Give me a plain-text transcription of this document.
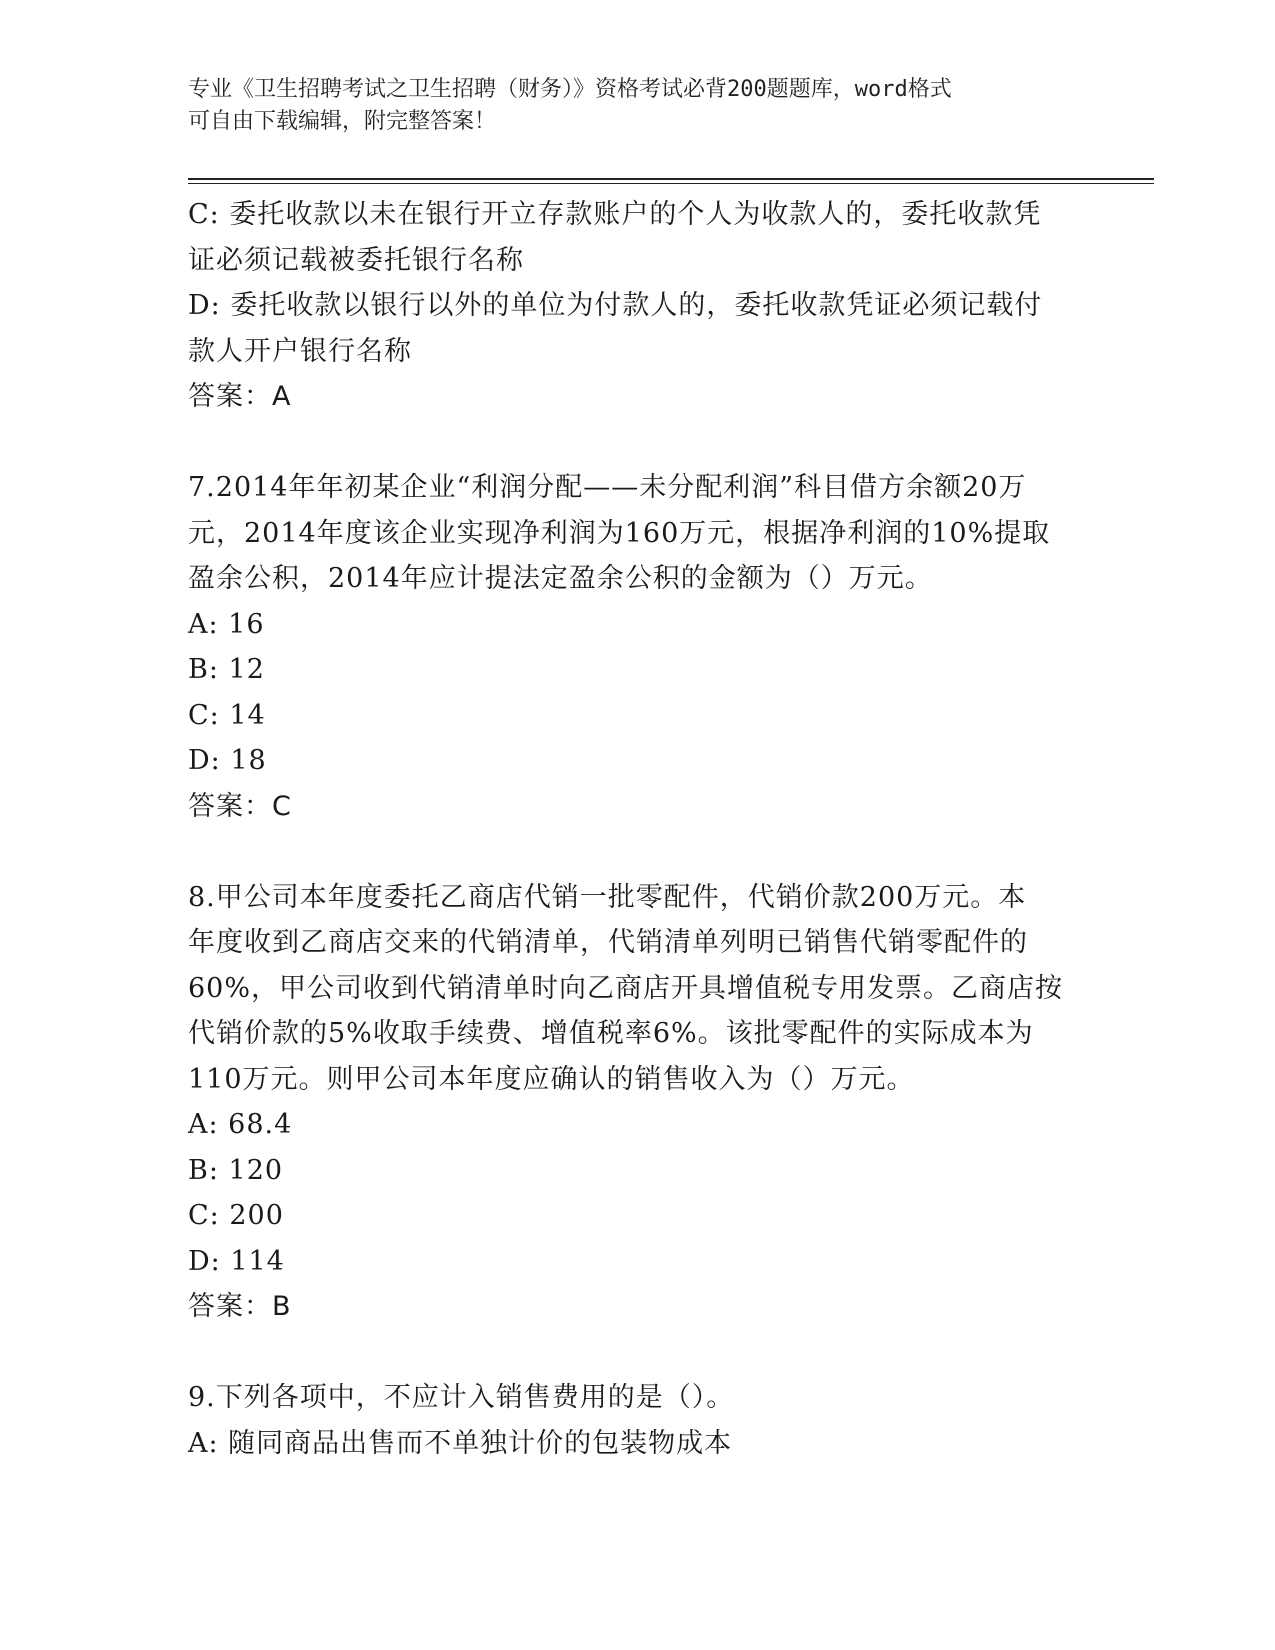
专业《卫生招聘考试之卫生招聘（财务）》资格考试必背200题题库，word格式
可自由下载编辑，附完整答案！
C: 委托收款以未在银行开立存款账户的个人为收款人的，委托收款凭
证必须记载被委托银行名称
D: 委托收款以银行以外的单位为付款人的，委托收款凭证必须记载付
款人开户银行名称
答案：A
7.2014年年初某企业“利润分配——未分配利润”科目借方余额20万
元，2014年度该企业实现净利润为160万元，根据净利润的10%提取
盈余公积，2014年应计提法定盈余公积的金额为（）万元。
A: 16
B: 12
C: 14
D: 18
答案：C
8.甲公司本年度委托乙商店代销一批零配件，代销价款200万元。本
年度收到乙商店交来的代销清单，代销清单列明已销售代销零配件的
60%，甲公司收到代销清单时向乙商店开具增值税专用发票。乙商店按
代销价款的5%收取手续费、增值税率6%。该批零配件的实际成本为
110万元。则甲公司本年度应确认的销售收入为（）万元。
A: 68.4
B: 120
C: 200
D: 114
答案：B
9.下列各项中，不应计入销售费用的是（）。
A: 随同商品出售而不单独计价的包装物成本
